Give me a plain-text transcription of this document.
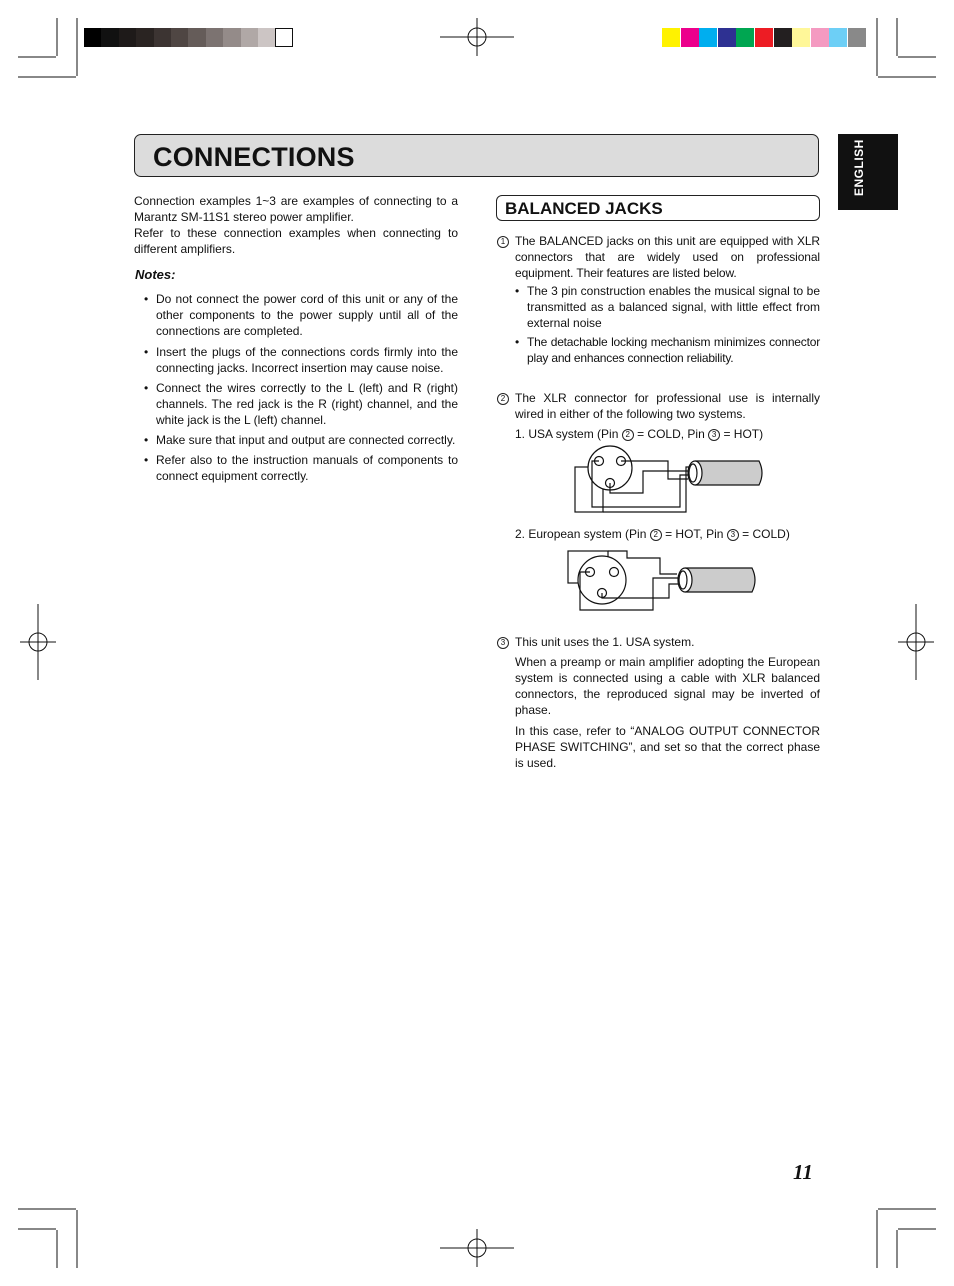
CONNECTIONS	ENGLISH
Connection examples 1~3 are examples of connecting to a
Marantz SM-11S1 stereo power amplifier.
Refer to these connection examples when connecting to
different amplifiers.
Notes:
• Do not connect the power cord of this unit or any of the other components to the power supply until all of the connections are completed.
• Insert the plugs of the connections cords firmly into the connecting jacks. Incorrect insertion may cause noise.
• Connect the wires correctly to the L (left) and R (right) channels. The red jack is the R (right) channel, and the white jack is the L (left) channel.
• Make sure that input and output are connected correctly.
• Refer also to the instruction manuals of components to connect equipment correctly.
BALANCED JACKS
1 The BALANCED jacks on this unit are equipped with XLR connectors that are widely used on professional equipment. Their features are listed below.
• The 3 pin construction enables the musical signal to be transmitted as a balanced signal, with little effect from external noise
• The detachable locking mechanism minimizes connector play and enhances connection reliability.
2 The XLR connector for professional use is internally wired in either of the following two systems.
1. USA system (Pin 2 = COLD, Pin 3 = HOT)
2. European system (Pin 2 = HOT, Pin 3 = COLD)
3 This unit uses the 1. USA system.
When a preamp or main amplifier adopting the European system is connected using a cable with XLR balanced connectors, the reproduced signal may be inverted of phase.
In this case, refer to “ANALOG OUTPUT CONNECTOR PHASE SWITCHING”, and set so that the correct phase is used.
11
